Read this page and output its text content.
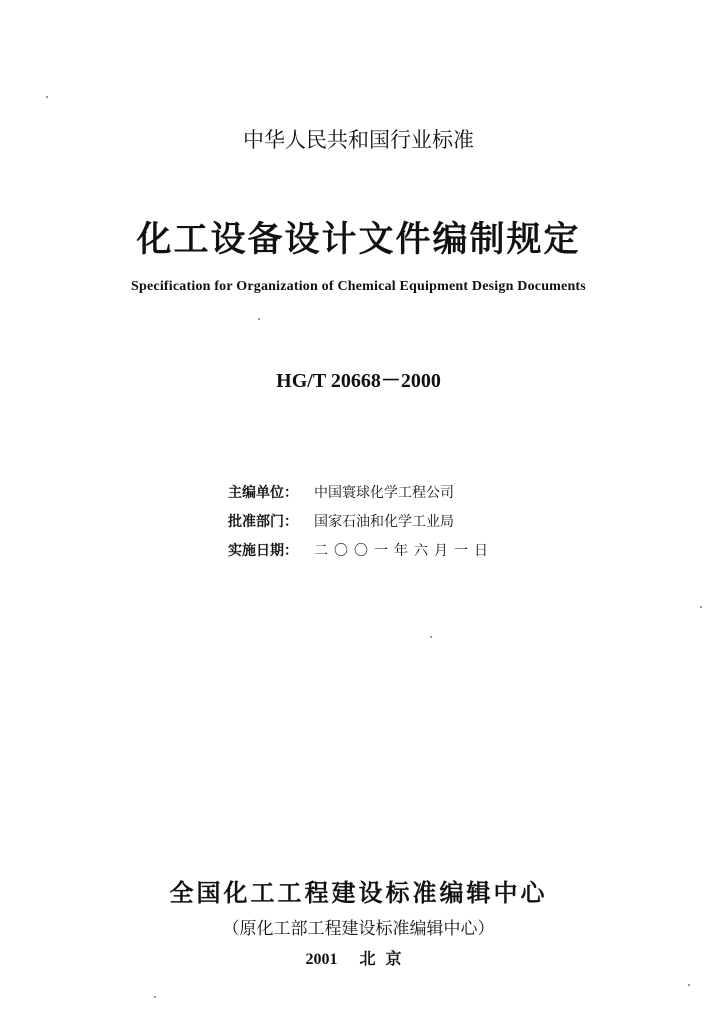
中华人民共和国行业标准
化工设备设计文件编制规定
Specification for Organization of Chemical Equipment Design Documents
HG/T 20668－2000
主编单位： 中国寰球化学工程公司
批准部门： 国家石油和化学工业局
实施日期： 二〇〇一年六月一日
全国化工工程建设标准编辑中心
（原化工部工程建设标准编辑中心）
2001 北京
